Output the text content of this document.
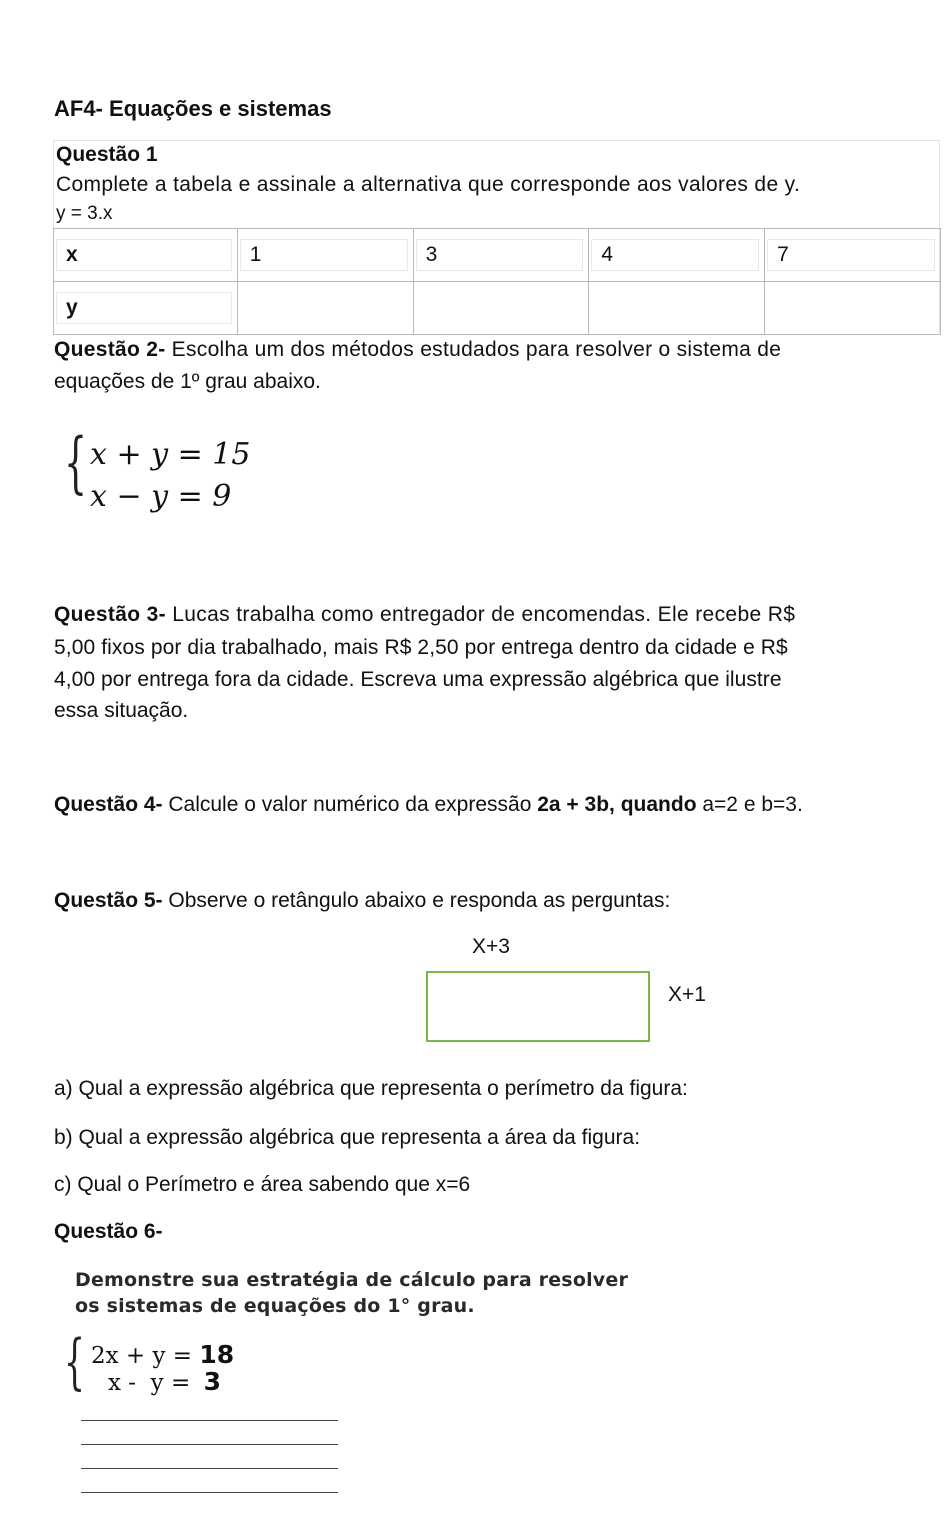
AF4- Equações e sistemas
Questão 1
Complete a tabela e assinale a alternativa que corresponde aos valores de y.
y = 3.x
x	1	3	4	7

y				

Questão 2- Escolha um dos métodos estudados para resolver o sistema de
equações de 1º grau abaixo.
{ x + y = 15
x − y = 9
Questão 3- Lucas trabalha como entregador de encomendas. Ele recebe R$
5,00 fixos por dia trabalhado, mais R$ 2,50 por entrega dentro da cidade e R$
4,00 por entrega fora da cidade. Escreva uma expressão algébrica que ilustre
essa situação.
Questão 4- Calcule o valor numérico da expressão 2a + 3b, quando a=2 e b=3.
Questão 5- Observe o retângulo abaixo e responda as perguntas:
X+3
X+1
a) Qual a expressão algébrica que representa o perímetro da figura:
b) Qual a expressão algébrica que representa a área da figura:
c) Qual o Perímetro e área sabendo que x=6
Questão 6-
Demonstre sua estratégia de cálculo para resolver
os sistemas de equações do 1° grau.
{ 2x + y = 18
x -  y = 3
